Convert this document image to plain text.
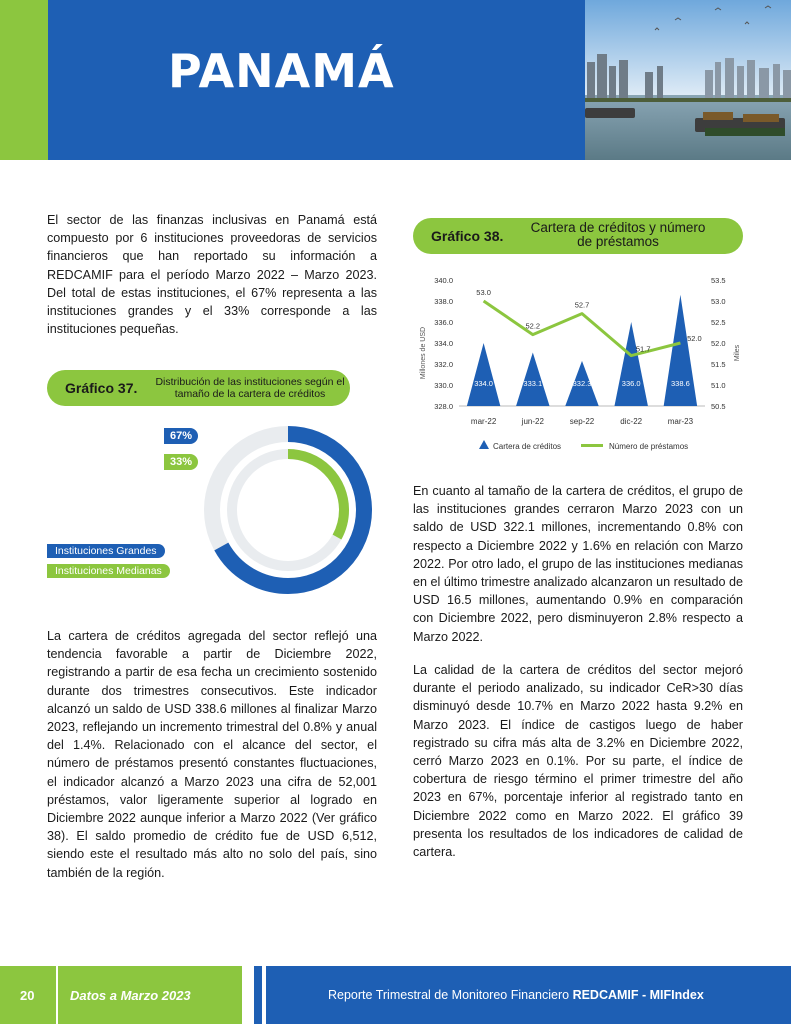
PANAMÁ

El sector de las finanzas inclusivas en Panamá está compuesto por 6 instituciones proveedoras de servicios financieros que han reportado su información a REDCAMIF para el período Marzo 2022 – Marzo 2023. Del total de estas instituciones, el 67% representa a las instituciones grandes y el 33% corresponde a las instituciones pequeñas.

Gráfico 37. Distribución de las instituciones según el tamaño de la cartera de créditos
67%
33%
Instituciones Grandes
Instituciones Medianas

La cartera de créditos agregada del sector reflejó una tendencia favorable a partir de Diciembre 2022, registrando a partir de esa fecha un crecimiento sostenido durante dos trimestres consecutivos. Este indicador alcanzó un saldo de USD 338.6 millones al finalizar Marzo 2023, reflejando un incremento trimestral del 0.8% y anual del 1.4%. Relacionado con el alcance del sector, el número de préstamos presentó constantes fluctuaciones, el indicador alcanzó a Marzo 2023 una cifra de 52,001 préstamos, valor ligeramente superior al logrado en Diciembre 2022 aunque inferior a Marzo 2022 (Ver gráfico 38). El saldo promedio de crédito fue de USD 6,512, siendo este el resultado más alto no solo del país, sino también de la región.

Gráfico 38.
Cartera de créditos y número de préstamos
340.0
338.0
336.0
334.0
332.0
330.0
328.0
53.5
53.0
52.5
52.0
51.5
51.0
50.5
334.0	333.1	332.3	336.0	338.6
53.0
52.2
52.7
51.7
52.0
mar-22	jun-22	sep-22	dic-22	mar-23
Millones de USD	Miles
Cartera de créditos	Número de préstamos

En cuanto al tamaño de la cartera de créditos, el grupo de las instituciones grandes cerraron Marzo 2023 con un saldo de USD 322.1 millones, incrementando 0.8% con respecto a Diciembre 2022 y 1.6% en relación con Marzo 2022. Por otro lado, el grupo de las instituciones medianas en el último trimestre analizado alcanzaron un resultado de USD 16.5 millones, aumentando 0.9% en comparación con Diciembre 2022, pero disminuyeron 2.8% respecto a Marzo 2022.

La calidad de la cartera de créditos del sector mejoró durante el periodo analizado, su indicador CeR>30 días disminuyó desde 10.7% en Marzo 2022 hasta 9.2% en Marzo 2023. El índice de castigos luego de haber registrado su cifra más alta de 3.2% en Diciembre 2022, cerró Marzo 2023 en 0.1%. Por su parte, el índice de cobertura de riesgo término el primer trimestre del año 2023 en 67%, porcentaje inferior al registrado tanto en Diciembre 2022 como en Marzo 2022. El gráfico 39 presenta los resultados de los indicadores de calidad de cartera.

20	Datos a Marzo 2023	Reporte Trimestral de Monitoreo Financiero REDCAMIF - MIFIndex
